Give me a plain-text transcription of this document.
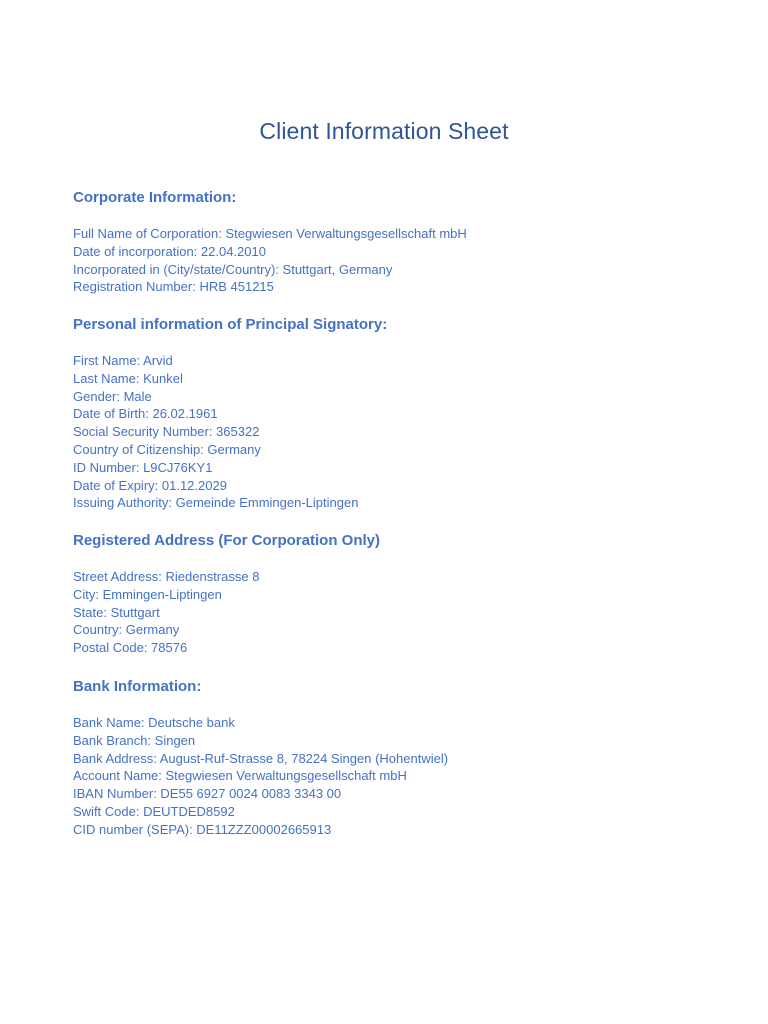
Client Information Sheet
Corporate Information:
Full Name of Corporation: Stegwiesen Verwaltungsgesellschaft mbH
Date of incorporation: 22.04.2010
Incorporated in (City/state/Country): Stuttgart, Germany
Registration Number: HRB 451215
Personal information of Principal Signatory:
First Name: Arvid
Last Name: Kunkel
Gender: Male
Date of Birth: 26.02.1961
Social Security Number: 365322
Country of Citizenship: Germany
ID Number: L9CJ76KY1
Date of Expiry: 01.12.2029
Issuing Authority: Gemeinde Emmingen-Liptingen
Registered Address (For Corporation Only)
Street Address: Riedenstrasse 8
City: Emmingen-Liptingen
State: Stuttgart
Country: Germany
Postal Code: 78576
Bank Information:
Bank Name: Deutsche bank
Bank Branch: Singen
Bank Address: August-Ruf-Strasse 8, 78224 Singen (Hohentwiel)
Account Name: Stegwiesen Verwaltungsgesellschaft mbH
IBAN Number: DE55 6927 0024 0083 3343 00
Swift Code: DEUTDED8592
CID number (SEPA): DE11ZZZ00002665913
